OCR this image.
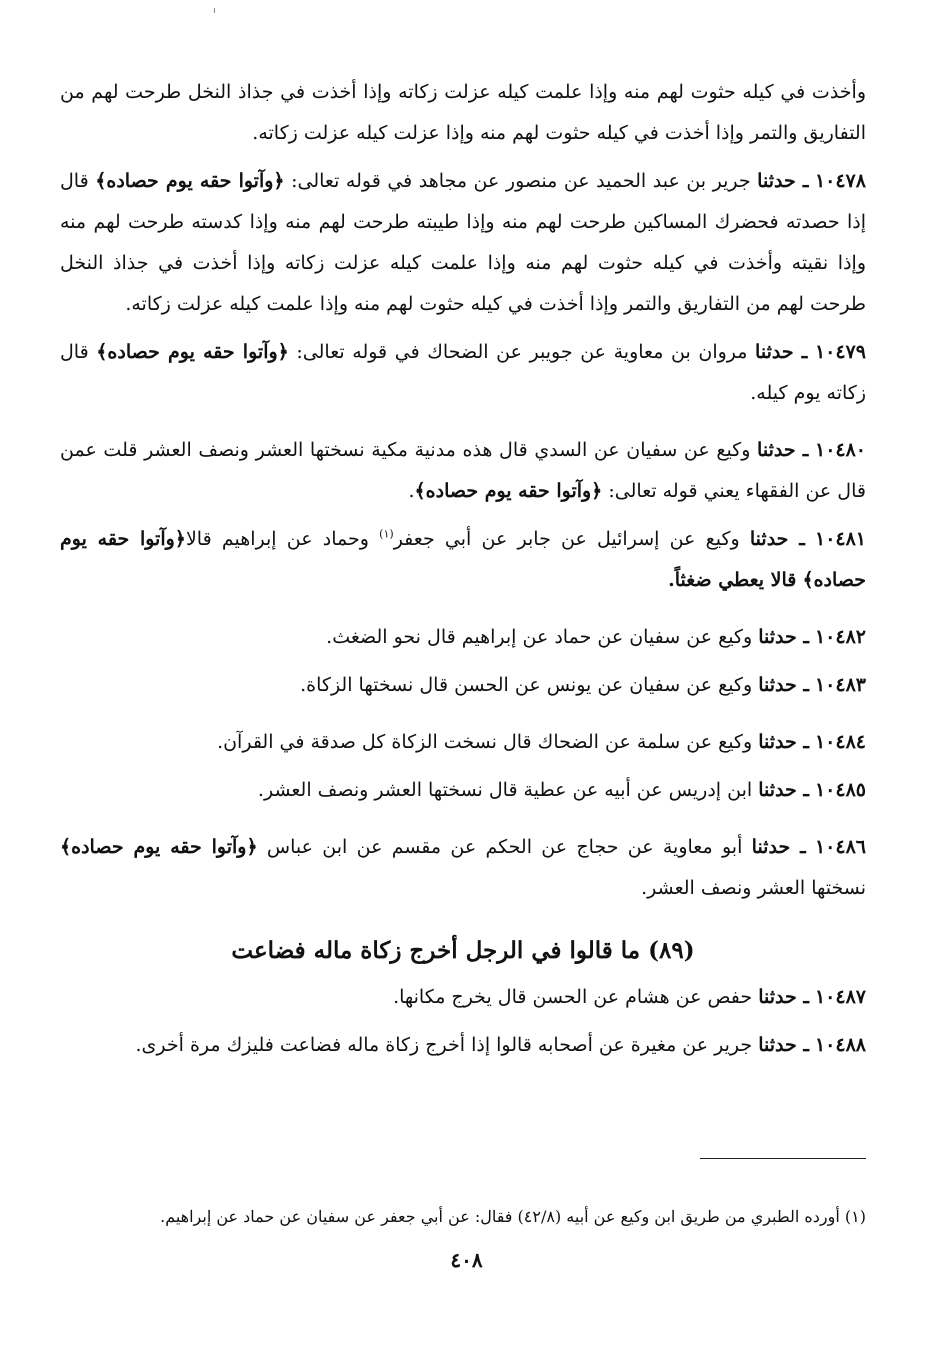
وأخذت في كيله حثوت لهم منه وإذا علمت كيله عزلت زكاته وإذا أخذت في جذاذ النخل طرحت لهم من التفاريق والتمر وإذا أخذت في كيله حثوت لهم منه وإذا عزلت كيله عزلت زكاته.

١٠٤٧٨ ـ حدثنا جرير بن عبد الحميد عن منصور عن مجاهد في قوله تعالى: ﴿وآتوا حقه يوم حصاده﴾ قال إذا حصدته فحضرك المساكين طرحت لهم منه وإذا طيبته طرحت لهم منه وإذا كدسته طرحت لهم منه وإذا نقيته وأخذت في كيله حثوت لهم منه وإذا علمت كيله عزلت زكاته وإذا أخذت في جذاذ النخل طرحت لهم من التفاريق والتمر وإذا أخذت في كيله حثوت لهم منه وإذا علمت كيله عزلت زكاته.

١٠٤٧٩ ـ حدثنا مروان بن معاوية عن جويبر عن الضحاك في قوله تعالى: ﴿وآتوا حقه يوم حصاده﴾ قال زكاته يوم كيله.

١٠٤٨٠ ـ حدثنا وكيع عن سفيان عن السدي قال هذه مدنية مكية نسختها العشر ونصف العشر قلت عمن قال عن الفقهاء يعني قوله تعالى: ﴿وآتوا حقه يوم حصاده﴾.

١٠٤٨١ ـ حدثنا وكيع عن إسرائيل عن جابر عن أبي جعفر$^{(١)}$ وحماد عن إبراهيم قالا﴿وآتوا حقه يوم حصاده﴾ قالا يعطي ضغثاً.

١٠٤٨٢ ـ حدثنا وكيع عن سفيان عن حماد عن إبراهيم قال نحو الضغث.

١٠٤٨٣ ـ حدثنا وكيع عن سفيان عن يونس عن الحسن قال نسختها الزكاة.

١٠٤٨٤ ـ حدثنا وكيع عن سلمة عن الضحاك قال نسخت الزكاة كل صدقة في القرآن.

١٠٤٨٥ ـ حدثنا ابن إدريس عن أبيه عن عطية قال نسختها العشر ونصف العشر.

١٠٤٨٦ ـ حدثنا أبو معاوية عن حجاج عن الحكم عن مقسم عن ابن عباس ﴿وآتوا حقه يوم حصاده﴾ نسختها العشر ونصف العشر.

(٨٩) ما قالوا في الرجل أخرج زكاة ماله فضاعت

١٠٤٨٧ ـ حدثنا حفص عن هشام عن الحسن قال يخرج مكانها.

١٠٤٨٨ ـ حدثنا جرير عن مغيرة عن أصحابه قالوا إذا أخرج زكاة ماله فضاعت فليزك مرة أخرى.

(١) أورده الطبري من طريق ابن وكيع عن أبيه (٤٢/٨) فقال: عن أبي جعفر عن سفيان عن حماد عن إبراهيم.
٤٠٨
